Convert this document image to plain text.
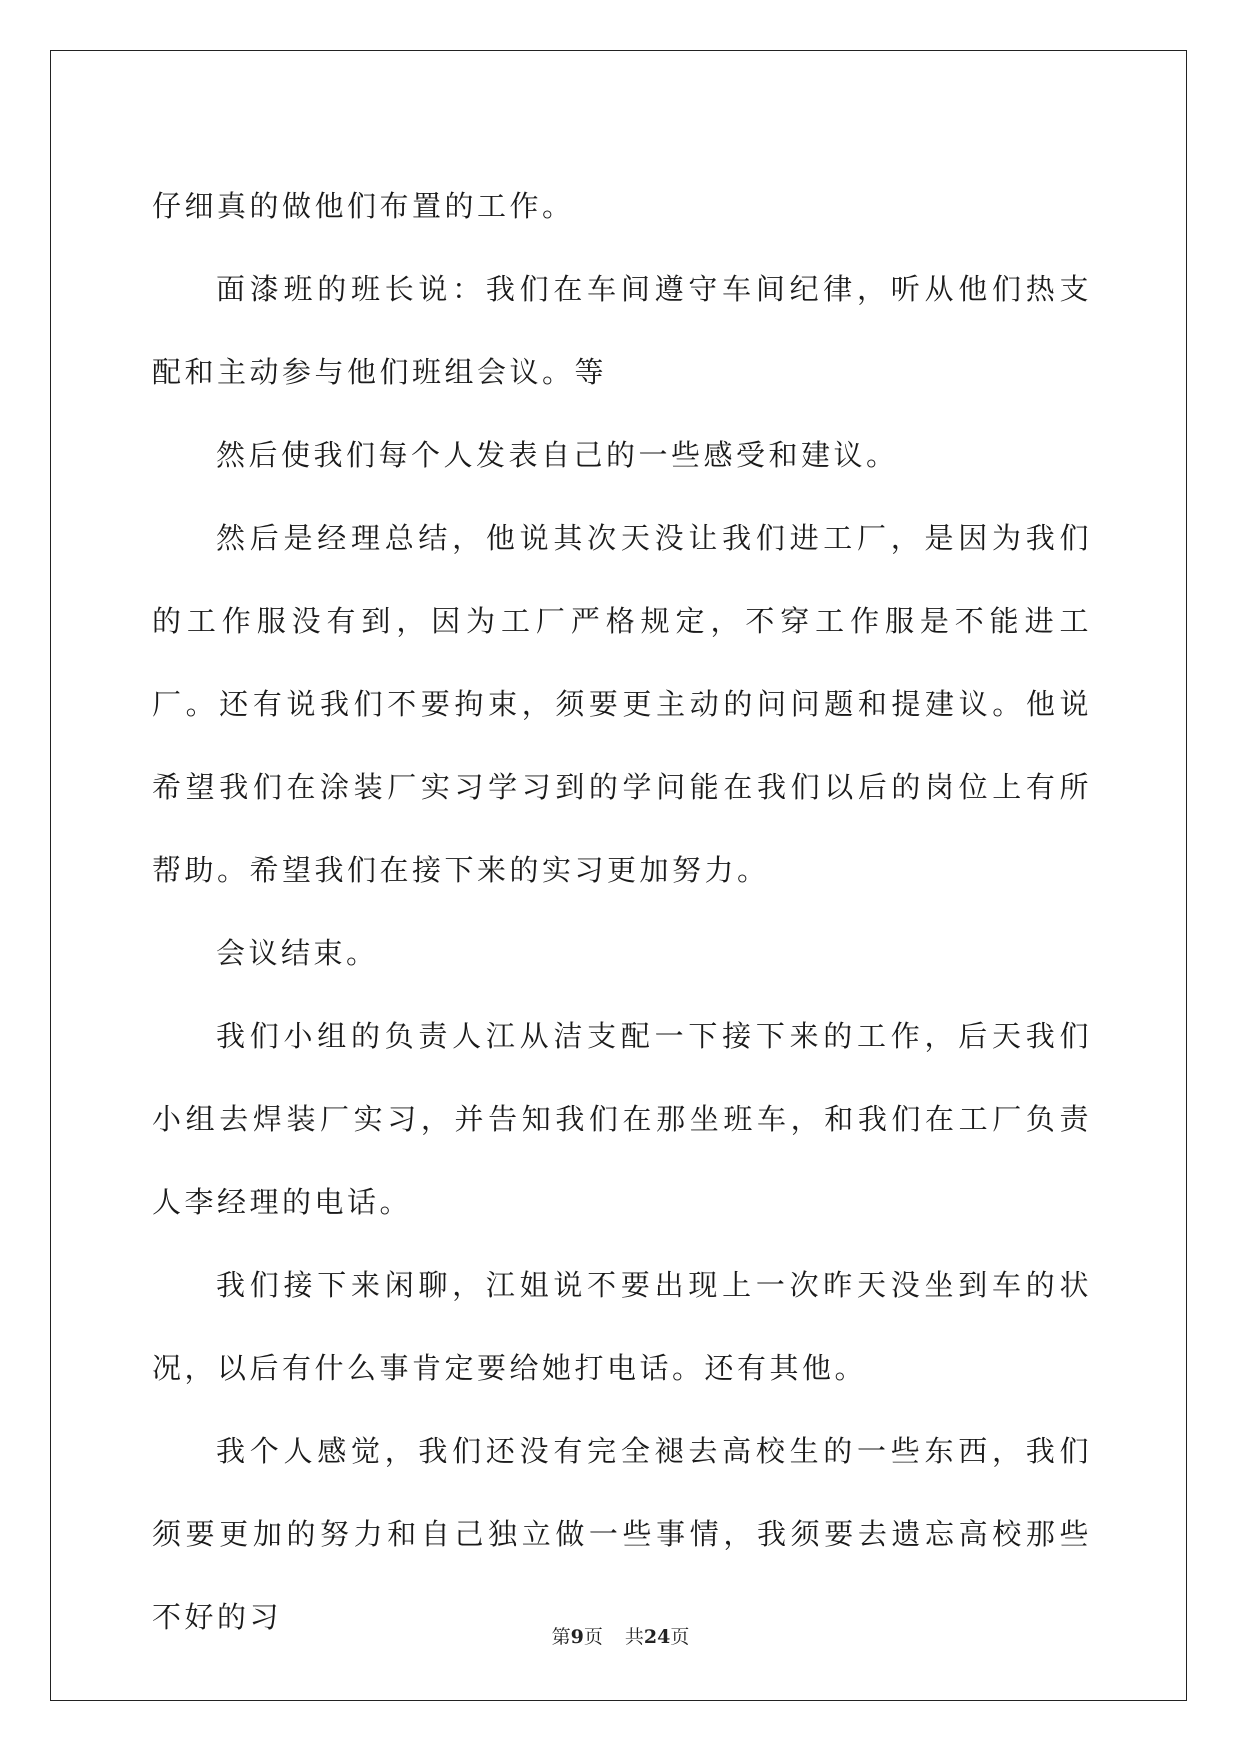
仔细真的做他们布置的工作。

面漆班的班长说：我们在车间遵守车间纪律，听从他们热支配和主动参与他们班组会议。等

然后使我们每个人发表自己的一些感受和建议。

然后是经理总结，他说其次天没让我们进工厂，是因为我们的工作服没有到，因为工厂严格规定，不穿工作服是不能进工厂。还有说我们不要拘束，须要更主动的问问题和提建议。他说希望我们在涂装厂实习学习到的学问能在我们以后的岗位上有所帮助。希望我们在接下来的实习更加努力。

会议结束。

我们小组的负责人江从洁支配一下接下来的工作，后天我们小组去焊装厂实习，并告知我们在那坐班车，和我们在工厂负责人李经理的电话。

我们接下来闲聊，江姐说不要出现上一次昨天没坐到车的状况，以后有什么事肯定要给她打电话。还有其他。

我个人感觉，我们还没有完全褪去高校生的一些东西，我们须要更加的努力和自己独立做一些事情，我须要去遗忘高校那些不好的习

第9页 共24页
